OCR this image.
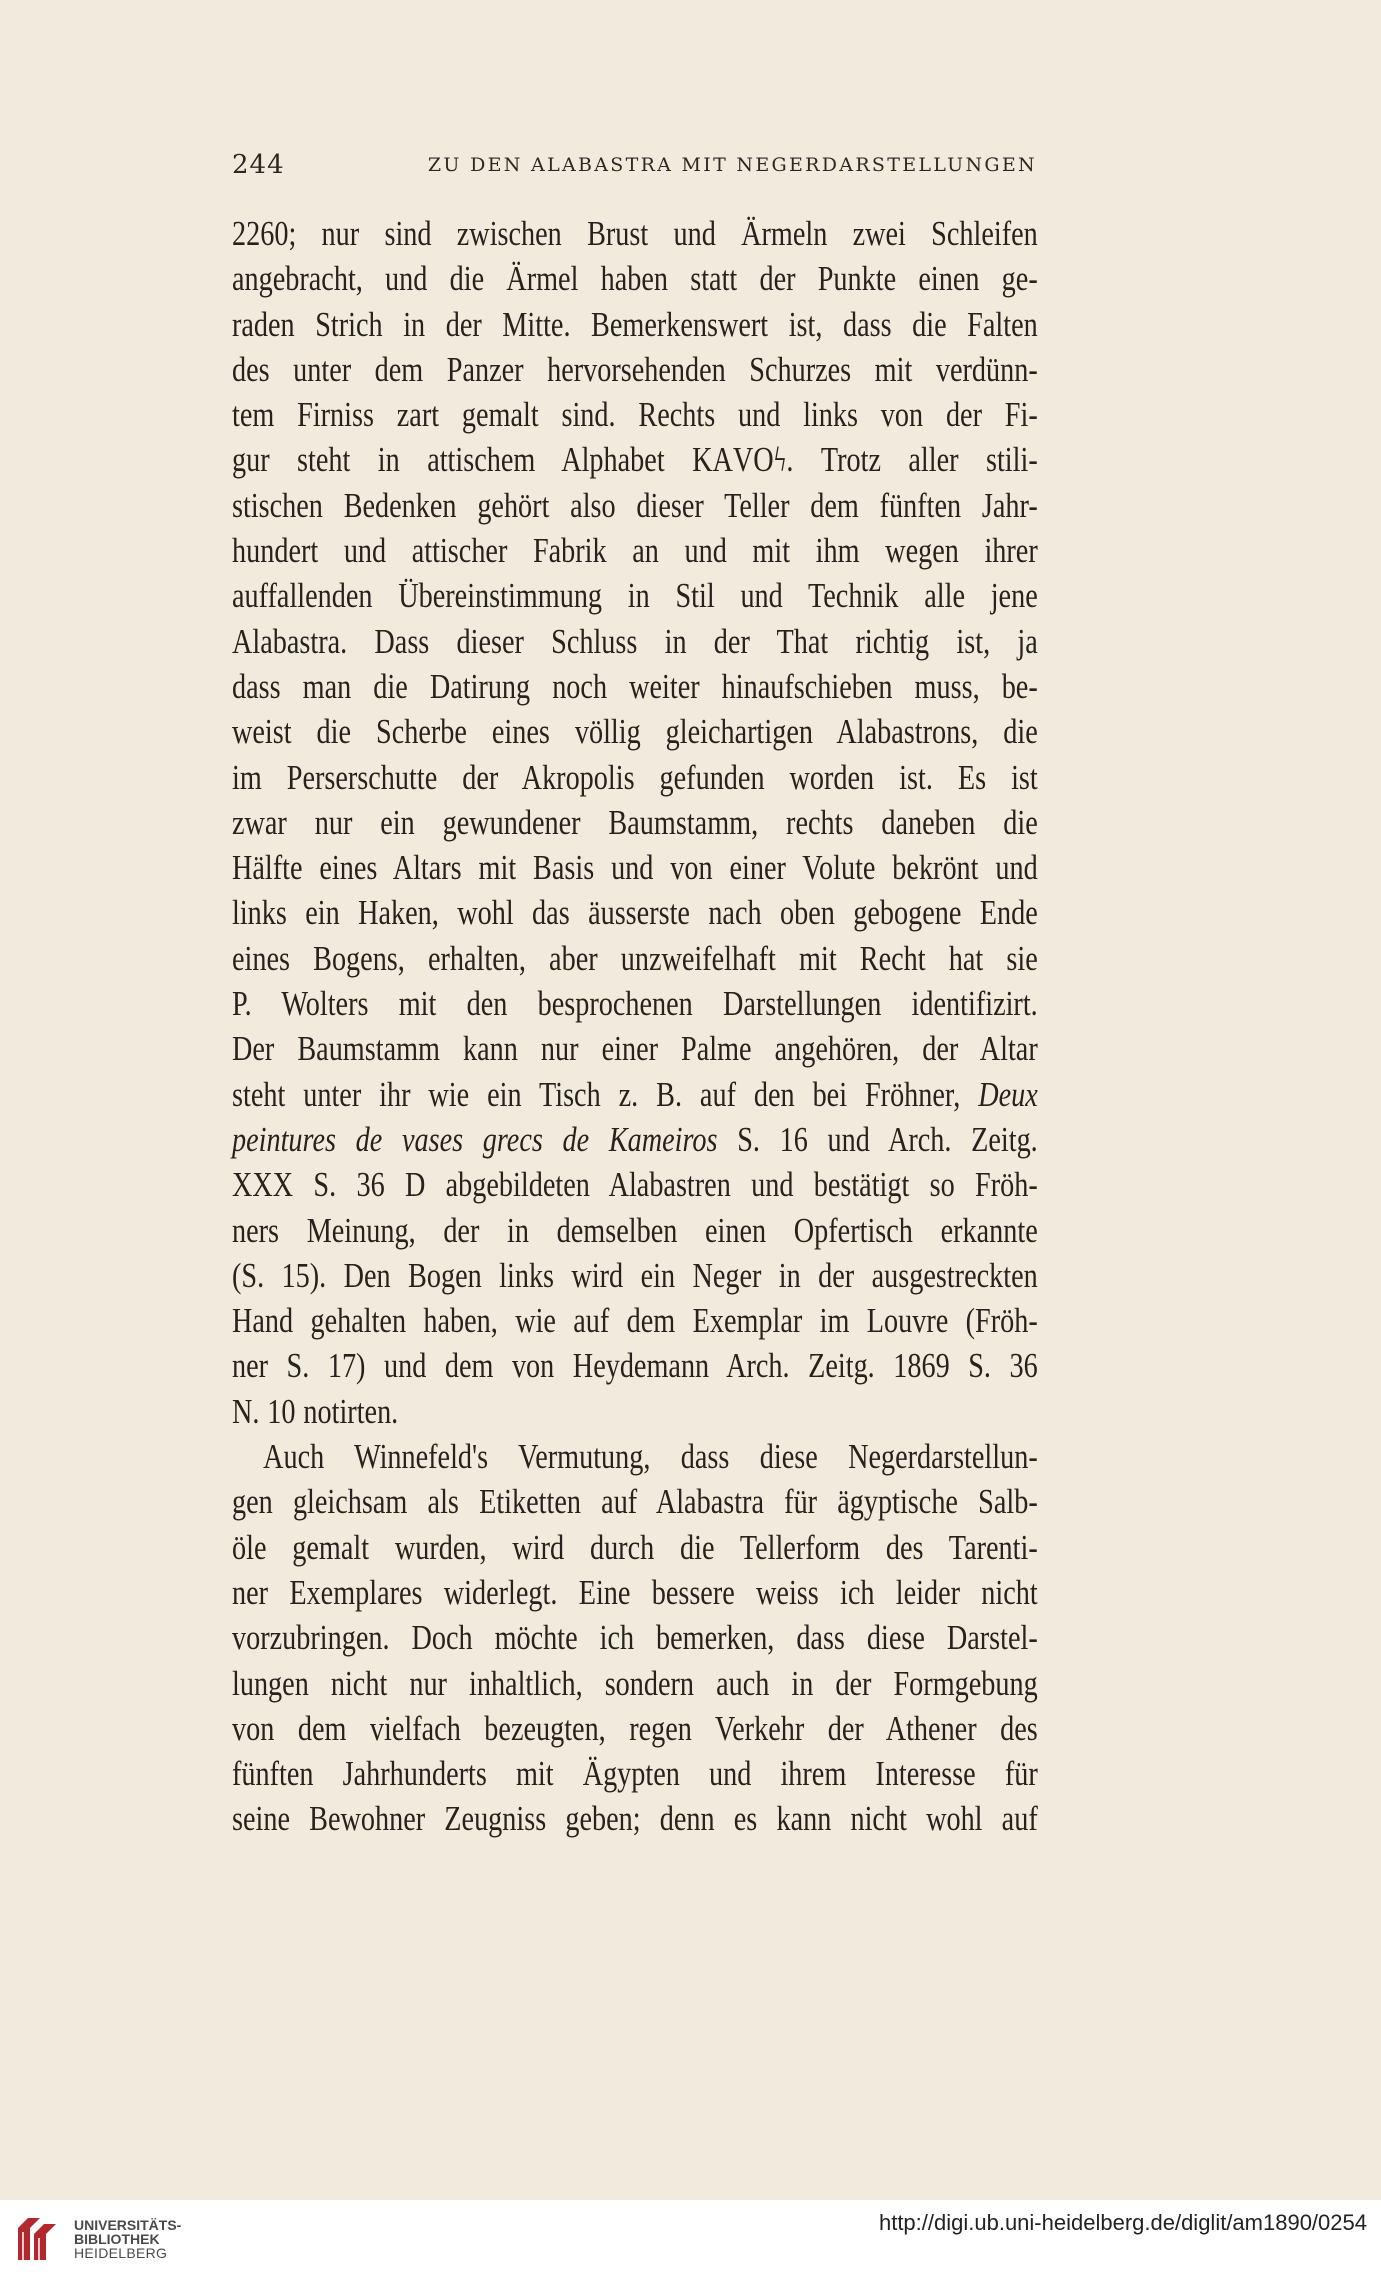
244	ZU DEN ALABASTRA MIT NEGERDARSTELLUNGEN
2260; nur sind zwischen Brust und Ärmeln zwei Schleifen
angebracht, und die Ärmel haben statt der Punkte einen ge-
raden Strich in der Mitte. Bemerkenswert ist, dass die Falten
des unter dem Panzer hervorsehenden Schurzes mit verdünn-
tem Firniss zart gemalt sind. Rechts und links von der Fi-
gur steht in attischem Alphabet ΚΑVOϟ. Trotz aller stili-
stischen Bedenken gehört also dieser Teller dem fünften Jahr-
hundert und attischer Fabrik an und mit ihm wegen ihrer
auffallenden Übereinstimmung in Stil und Technik alle jene
Alabastra. Dass dieser Schluss in der That richtig ist, ja
dass man die Datirung noch weiter hinaufschieben muss, be-
weist die Scherbe eines völlig gleichartigen Alabastrons, die
im Perserschutte der Akropolis gefunden worden ist. Es ist
zwar nur ein gewundener Baumstamm, rechts daneben die
Hälfte eines Altars mit Basis und von einer Volute bekrönt und
links ein Haken, wohl das äusserste nach oben gebogene Ende
eines Bogens, erhalten, aber unzweifelhaft mit Recht hat sie
P. Wolters mit den besprochenen Darstellungen identifizirt.
Der Baumstamm kann nur einer Palme angehören, der Altar
steht unter ihr wie ein Tisch z. B. auf den bei Fröhner, Deux
peintures de vases grecs de Kameiros S. 16 und Arch. Zeitg.
XXX S. 36 D abgebildeten Alabastren und bestätigt so Fröh-
ners Meinung, der in demselben einen Opfertisch erkannte
(S. 15). Den Bogen links wird ein Neger in der ausgestreckten
Hand gehalten haben, wie auf dem Exemplar im Louvre (Fröh-
ner S. 17) und dem von Heydemann Arch. Zeitg. 1869 S. 36
N. 10 notirten.
Auch Winnefeld's Vermutung, dass diese Negerdarstellun-
gen gleichsam als Etiketten auf Alabastra für ägyptische Salb-
öle gemalt wurden, wird durch die Tellerform des Tarenti-
ner Exemplares widerlegt. Eine bessere weiss ich leider nicht
vorzubringen. Doch möchte ich bemerken, dass diese Darstel-
lungen nicht nur inhaltlich, sondern auch in der Formgebung
von dem vielfach bezeugten, regen Verkehr der Athener des
fünften Jahrhunderts mit Ägypten und ihrem Interesse für
seine Bewohner Zeugniss geben; denn es kann nicht wohl auf
UNIVERSITÄTS-
BIBLIOTHEK
HEIDELBERG
http://digi.ub.uni-heidelberg.de/diglit/am1890/0254
